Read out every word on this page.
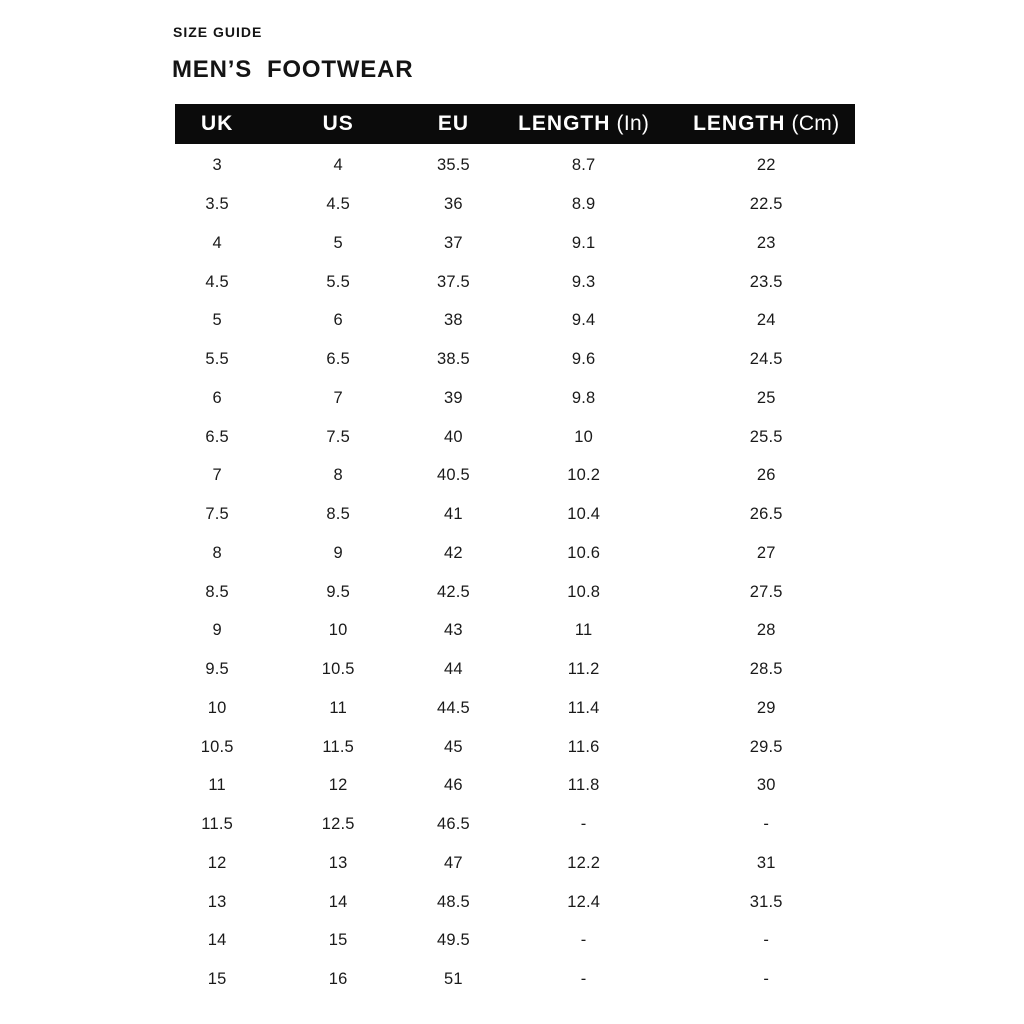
SIZE GUIDE
MEN’S  FOOTWEAR
UK	US	EU	LENGTH (In)	LENGTH (Cm)
3	4	35.5	8.7	22
3.5	4.5	36	8.9	22.5
4	5	37	9.1	23
4.5	5.5	37.5	9.3	23.5
5	6	38	9.4	24
5.5	6.5	38.5	9.6	24.5
6	7	39	9.8	25
6.5	7.5	40	10	25.5
7	8	40.5	10.2	26
7.5	8.5	41	10.4	26.5
8	9	42	10.6	27
8.5	9.5	42.5	10.8	27.5
9	10	43	11	28
9.5	10.5	44	11.2	28.5
10	11	44.5	11.4	29
10.5	11.5	45	11.6	29.5
11	12	46	11.8	30
11.5	12.5	46.5	-	-
12	13	47	12.2	31
13	14	48.5	12.4	31.5
14	15	49.5	-	-
15	16	51	-	-
